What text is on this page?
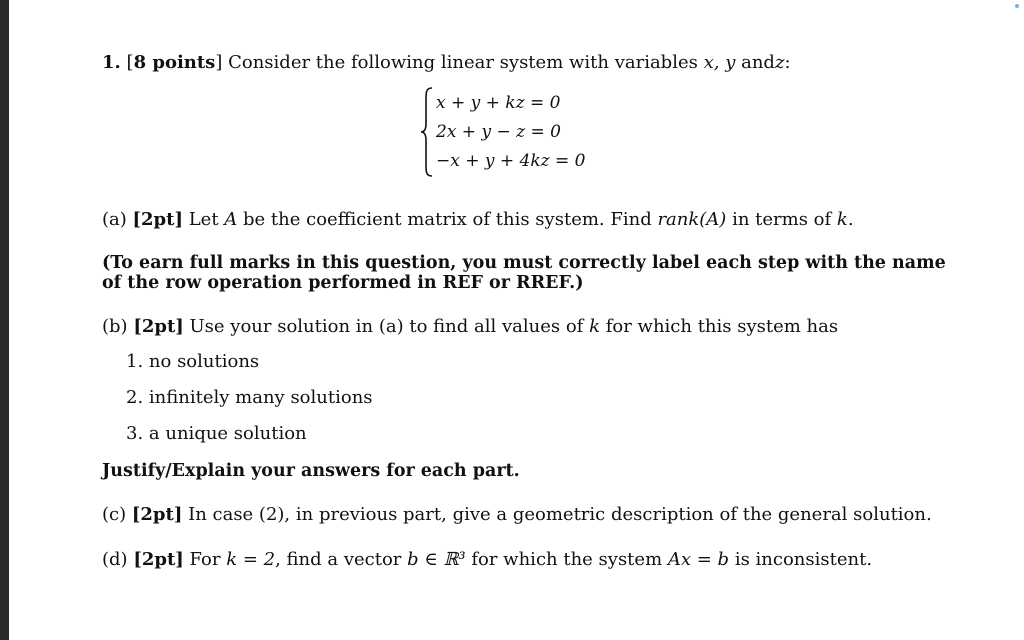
1. [8 points] Consider the following linear system with variables x, y andz:
x + y + kz = 0
2x + y − z = 0
−x + y + 4kz = 0
(a) [2pt] Let A be the coefficient matrix of this system. Find rank(A) in terms of k.
(To earn full marks in this question, you must correctly label each step with the name
of the row operation performed in REF or RREF.)
(b) [2pt] Use your solution in (a) to find all values of k for which this system has
1. no solutions
2. infinitely many solutions
3. a unique solution
Justify/Explain your answers for each part.
(c) [2pt] In case (2), in previous part, give a geometric description of the general solution.
(d) [2pt] For k = 2, find a vector b ∈ ℝ³ for which the system Ax = b is inconsistent.
